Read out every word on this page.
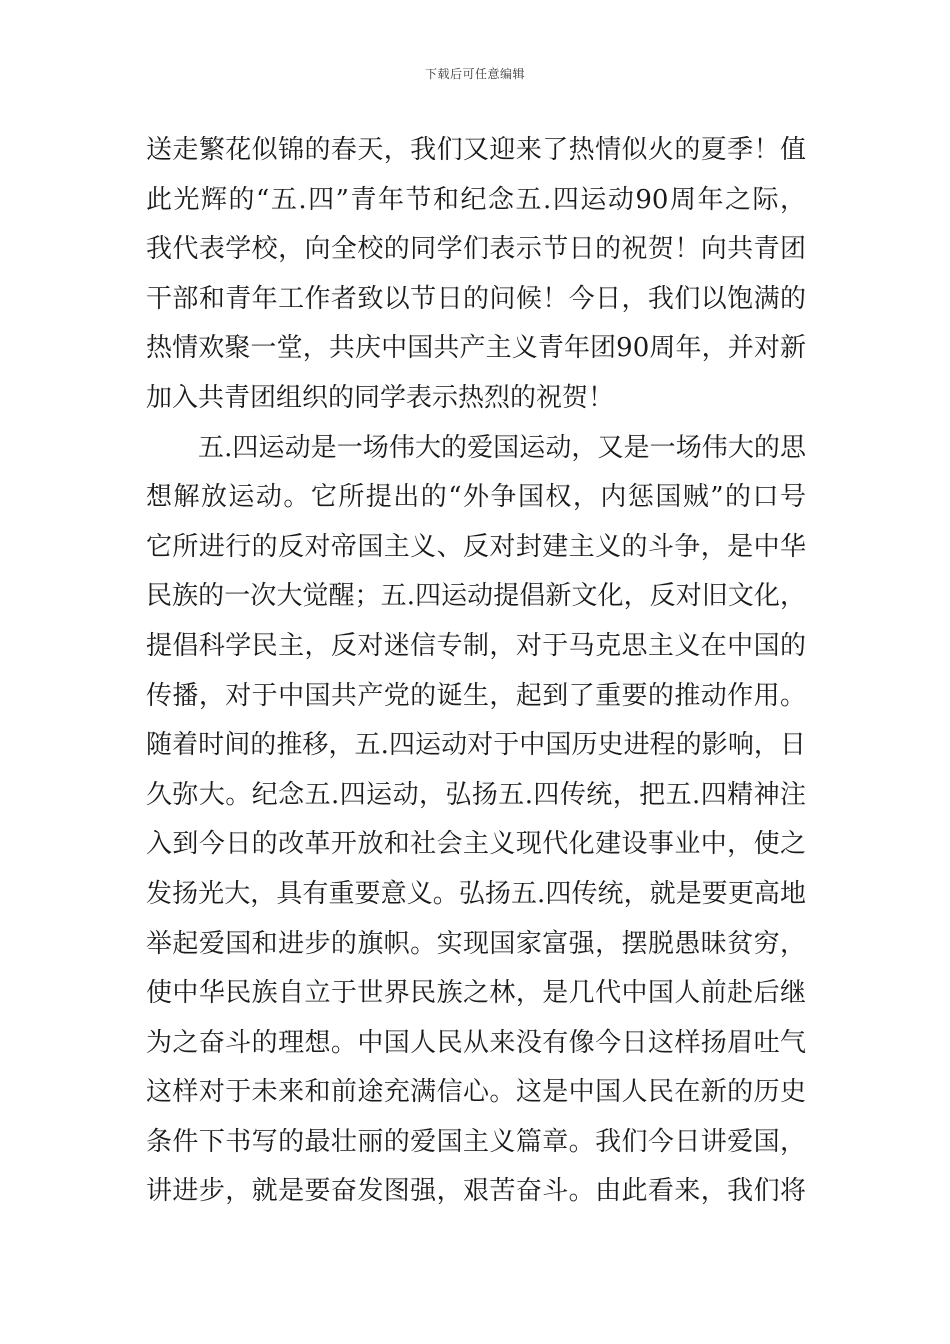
下载后可任意编辑
送走繁花似锦的春天，我们又迎来了热情似火的夏季！值
此光辉的“五.四”青年节和纪念五.四运动90周年之际，
我代表学校，向全校的同学们表示节日的祝贺！向共青团
干部和青年工作者致以节日的问候！今日，我们以饱满的
热情欢聚一堂，共庆中国共产主义青年团90周年，并对新
加入共青团组织的同学表示热烈的祝贺！
五.四运动是一场伟大的爱国运动，又是一场伟大的思
想解放运动。它所提出的“外争国权，内惩国贼”的口号
它所进行的反对帝国主义、反对封建主义的斗争，是中华
民族的一次大觉醒；五.四运动提倡新文化，反对旧文化，
提倡科学民主，反对迷信专制，对于马克思主义在中国的
传播，对于中国共产党的诞生，起到了重要的推动作用。
随着时间的推移，五.四运动对于中国历史进程的影响，日
久弥大。纪念五.四运动，弘扬五.四传统，把五.四精神注
入到今日的改革开放和社会主义现代化建设事业中，使之
发扬光大，具有重要意义。弘扬五.四传统，就是要更高地
举起爱国和进步的旗帜。实现国家富强，摆脱愚昧贫穷，
使中华民族自立于世界民族之林，是几代中国人前赴后继
为之奋斗的理想。中国人民从来没有像今日这样扬眉吐气
这样对于未来和前途充满信心。这是中国人民在新的历史
条件下书写的最壮丽的爱国主义篇章。我们今日讲爱国，
讲进步，就是要奋发图强，艰苦奋斗。由此看来，我们将
